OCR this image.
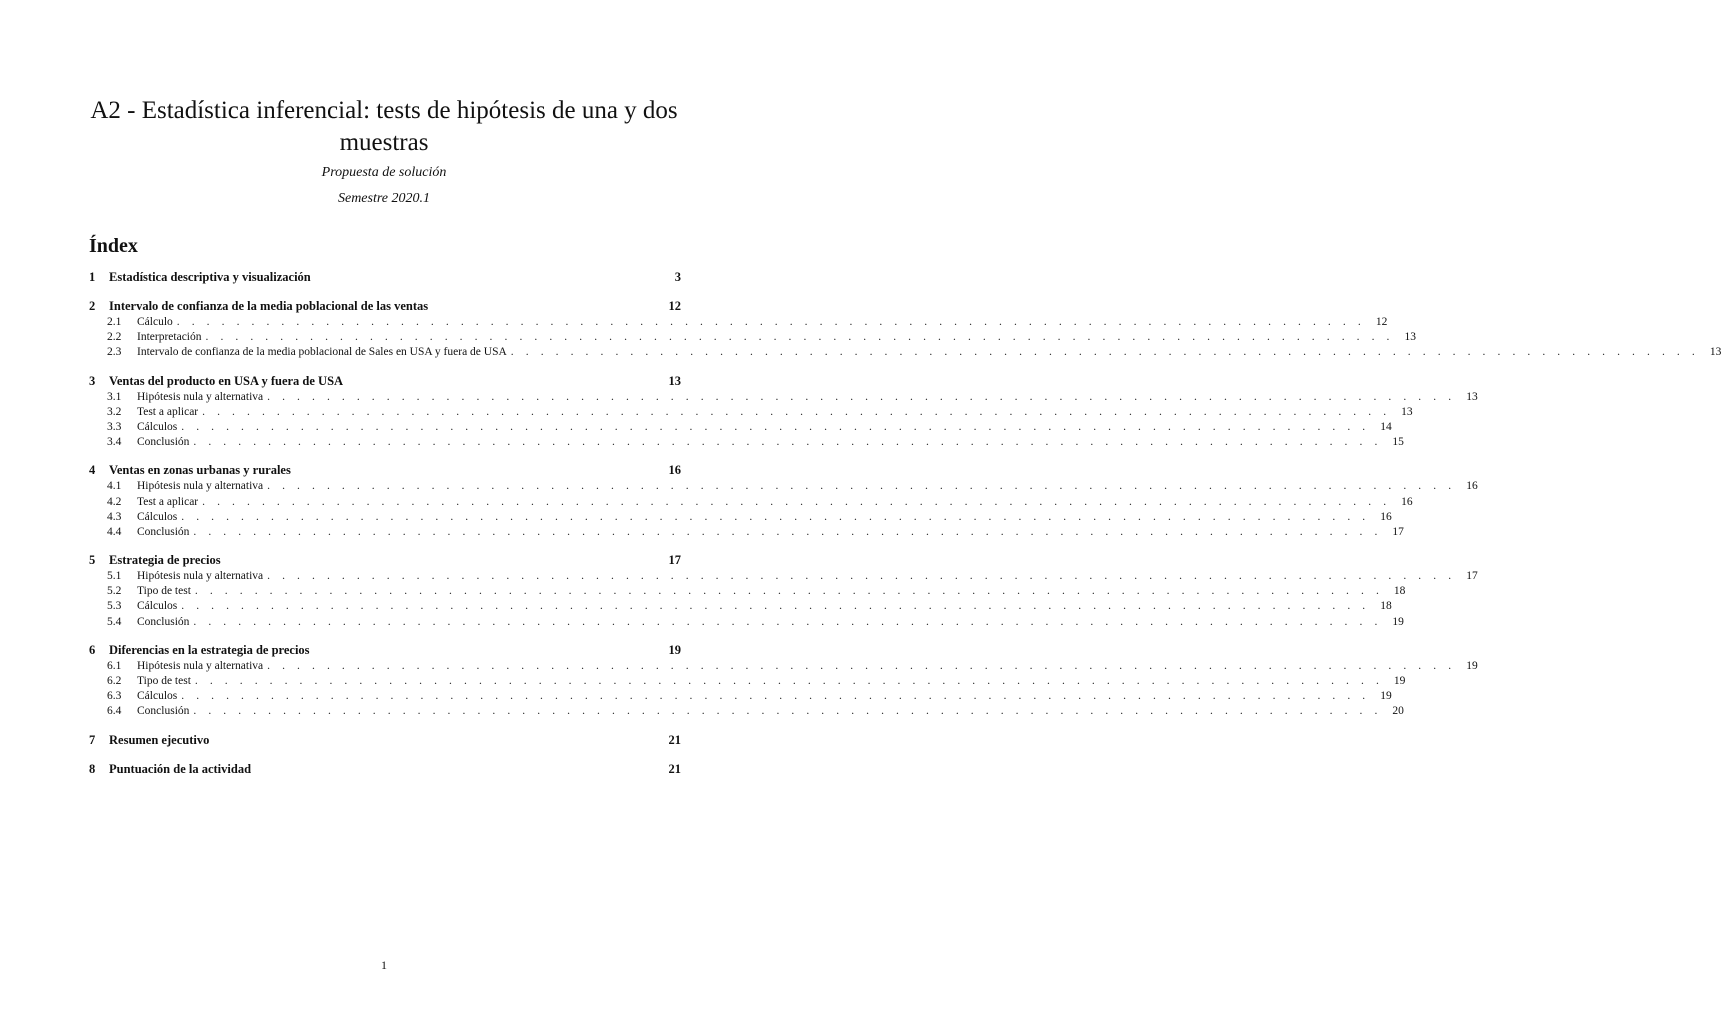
A2 - Estadística inferencial: tests de hipótesis de una y dos muestras
Propuesta de solución
Semestre 2020.1
Índex
1	Estadística descriptiva y visualización	3
2	Intervalo de confianza de la media poblacional de las ventas	12
2.1	Cálculo . . . . . . . . . . . . . . . . . . . . . . . . . . . . . . . . . . . . . . . . . . . . . . . . . . . . . . . . . . . . . . . . . . . . . . . . . . . . . . . . 12
2.2	Interpretación . . . . . . . . . . . . . . . . . . . . . . . . . . . . . . . . . . . . . . . . . . . . . . . . . . . . . . . . . . . . . . . . . . . . . . . . . . . . . . . . 13
2.3	Intervalo de confianza de la media poblacional de Sales en USA y fuera de USA . . . . . . . . . . . . . . . . . . . . . . . . . . . . . . . . . . . . . . . . . . . . . . . . . . . . . . . . . . . . . . . . . . . . . . . . . . . . . . . . 13
3	Ventas del producto en USA y fuera de USA	13
3.1	Hipótesis nula y alternativa . . . . . . . . . . . . . . . . . . . . . . . . . . . . . . . . . . . . . . . . . . . . . . . . . . . . . . . . . . . . . . . . . . . . . . . . . . . . . . . . 13
3.2	Test a aplicar . . . . . . . . . . . . . . . . . . . . . . . . . . . . . . . . . . . . . . . . . . . . . . . . . . . . . . . . . . . . . . . . . . . . . . . . . . . . . . . . 13
3.3	Cálculos . . . . . . . . . . . . . . . . . . . . . . . . . . . . . . . . . . . . . . . . . . . . . . . . . . . . . . . . . . . . . . . . . . . . . . . . . . . . . . . . 14
3.4	Conclusión . . . . . . . . . . . . . . . . . . . . . . . . . . . . . . . . . . . . . . . . . . . . . . . . . . . . . . . . . . . . . . . . . . . . . . . . . . . . . . . . 15
4	Ventas en zonas urbanas y rurales	16
4.1	Hipótesis nula y alternativa . . . . . . . . . . . . . . . . . . . . . . . . . . . . . . . . . . . . . . . . . . . . . . . . . . . . . . . . . . . . . . . . . . . . . . . . . . . . . . . . 16
4.2	Test a aplicar . . . . . . . . . . . . . . . . . . . . . . . . . . . . . . . . . . . . . . . . . . . . . . . . . . . . . . . . . . . . . . . . . . . . . . . . . . . . . . . . 16
4.3	Cálculos . . . . . . . . . . . . . . . . . . . . . . . . . . . . . . . . . . . . . . . . . . . . . . . . . . . . . . . . . . . . . . . . . . . . . . . . . . . . . . . . 16
4.4	Conclusión . . . . . . . . . . . . . . . . . . . . . . . . . . . . . . . . . . . . . . . . . . . . . . . . . . . . . . . . . . . . . . . . . . . . . . . . . . . . . . . . 17
5	Estrategia de precios	17
5.1	Hipótesis nula y alternativa . . . . . . . . . . . . . . . . . . . . . . . . . . . . . . . . . . . . . . . . . . . . . . . . . . . . . . . . . . . . . . . . . . . . . . . . . . . . . . . . 17
5.2	Tipo de test . . . . . . . . . . . . . . . . . . . . . . . . . . . . . . . . . . . . . . . . . . . . . . . . . . . . . . . . . . . . . . . . . . . . . . . . . . . . . . . . 18
5.3	Cálculos . . . . . . . . . . . . . . . . . . . . . . . . . . . . . . . . . . . . . . . . . . . . . . . . . . . . . . . . . . . . . . . . . . . . . . . . . . . . . . . . 18
5.4	Conclusión . . . . . . . . . . . . . . . . . . . . . . . . . . . . . . . . . . . . . . . . . . . . . . . . . . . . . . . . . . . . . . . . . . . . . . . . . . . . . . . . 19
6	Diferencias en la estrategia de precios	19
6.1	Hipótesis nula y alternativa . . . . . . . . . . . . . . . . . . . . . . . . . . . . . . . . . . . . . . . . . . . . . . . . . . . . . . . . . . . . . . . . . . . . . . . . . . . . . . . . 19
6.2	Tipo de test . . . . . . . . . . . . . . . . . . . . . . . . . . . . . . . . . . . . . . . . . . . . . . . . . . . . . . . . . . . . . . . . . . . . . . . . . . . . . . . . 19
6.3	Cálculos . . . . . . . . . . . . . . . . . . . . . . . . . . . . . . . . . . . . . . . . . . . . . . . . . . . . . . . . . . . . . . . . . . . . . . . . . . . . . . . . 19
6.4	Conclusión . . . . . . . . . . . . . . . . . . . . . . . . . . . . . . . . . . . . . . . . . . . . . . . . . . . . . . . . . . . . . . . . . . . . . . . . . . . . . . . . 20
7	Resumen ejecutivo	21
8	Puntuación de la actividad	21
1
